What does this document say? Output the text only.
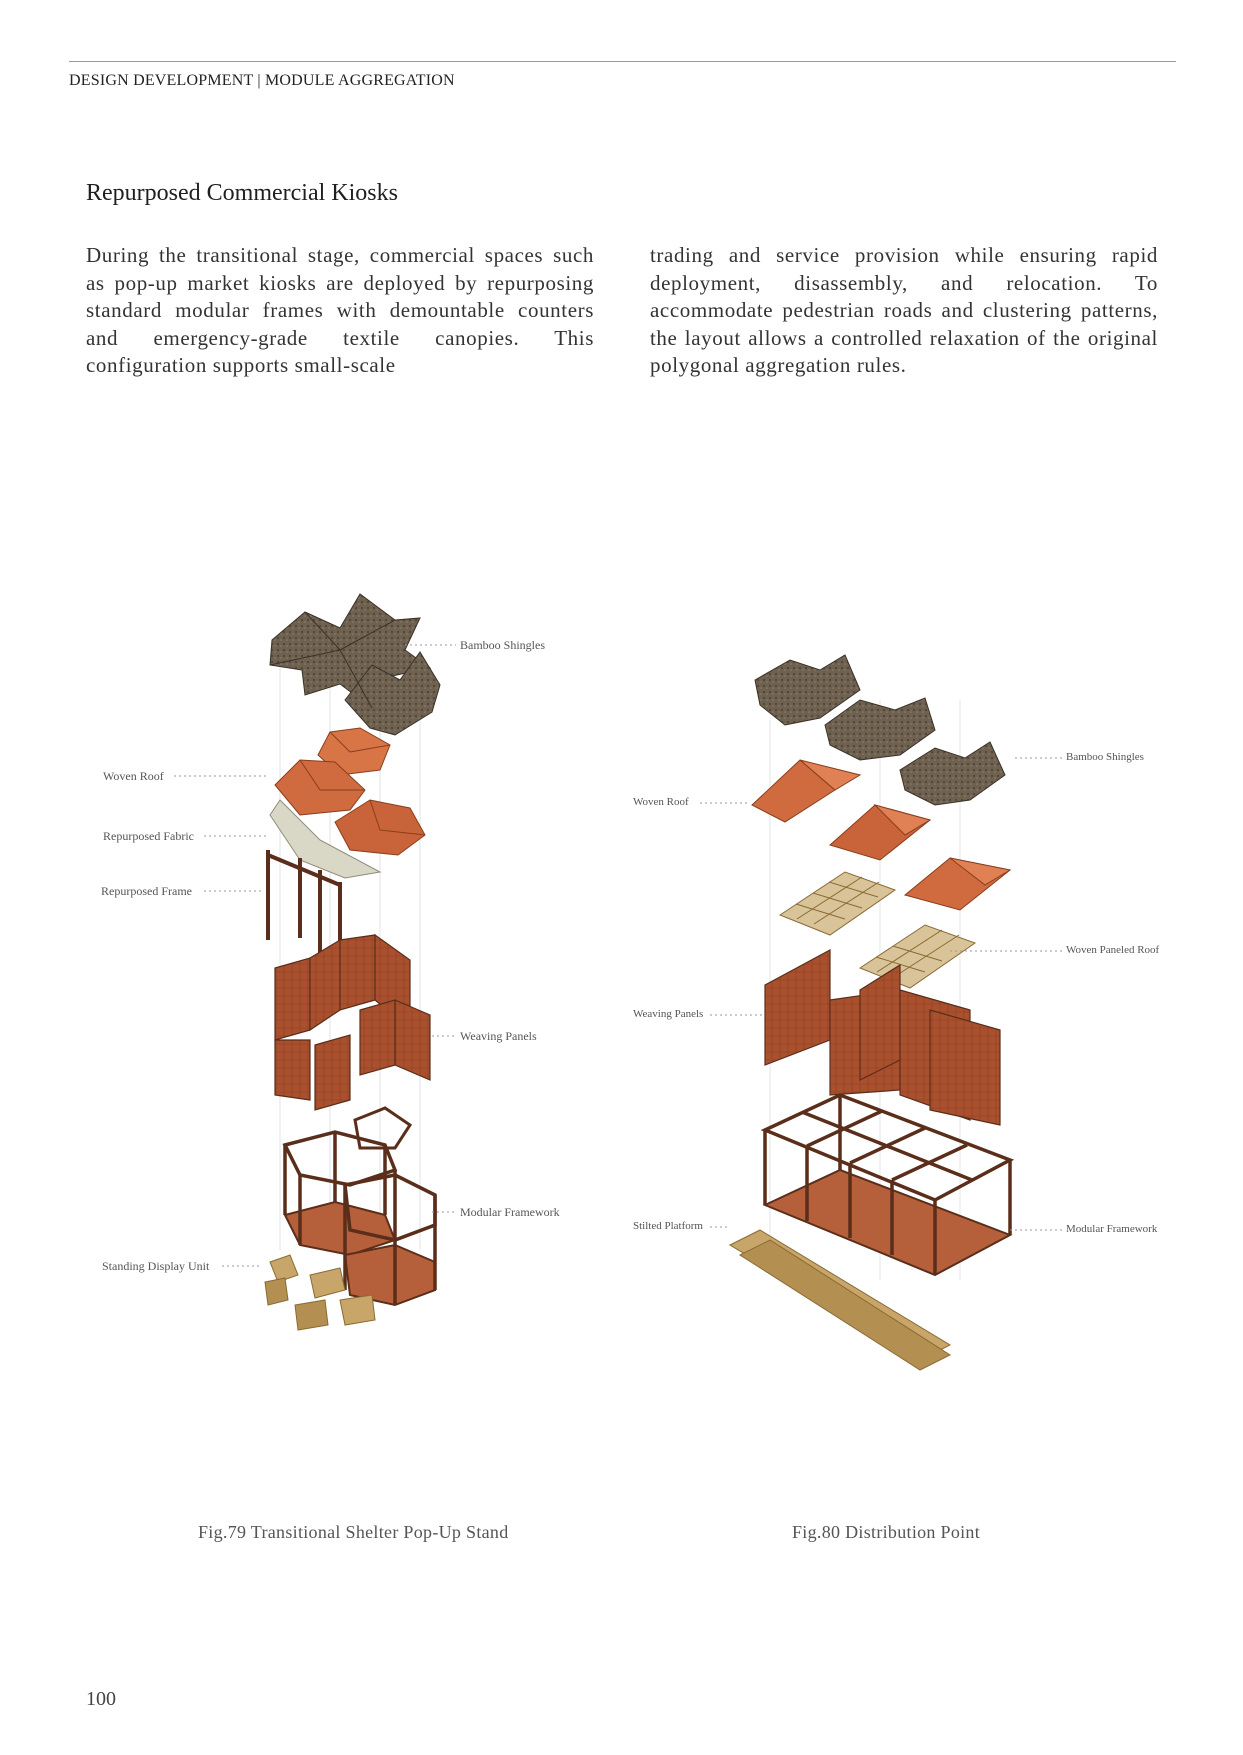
DESIGN DEVELOPMENT | MODULE AGGREGATION
Repurposed Commercial Kiosks
During the transitional stage, commercial spaces such as pop-up market kiosks are deployed by repurposing standard modular frames with demountable counters and emergency-grade textile canopies. This configuration supports small-scale
trading and service provision while ensuring rapid deployment, disassembly, and relocation. To accommodate pedestrian roads and clustering patterns, the layout allows a controlled relaxation of the original polygonal aggregation rules.
Bamboo Shingles
Woven Roof
Repurposed Fabric
Repurposed Frame
Weaving Panels
Modular Framework
Standing Display Unit
Bamboo Shingles
Woven Roof
Woven Paneled Roof
Weaving Panels
Stilted Platform	Modular Framework
Fig.79 Transitional Shelter Pop-Up Stand	Fig.80 Distribution Point
100
